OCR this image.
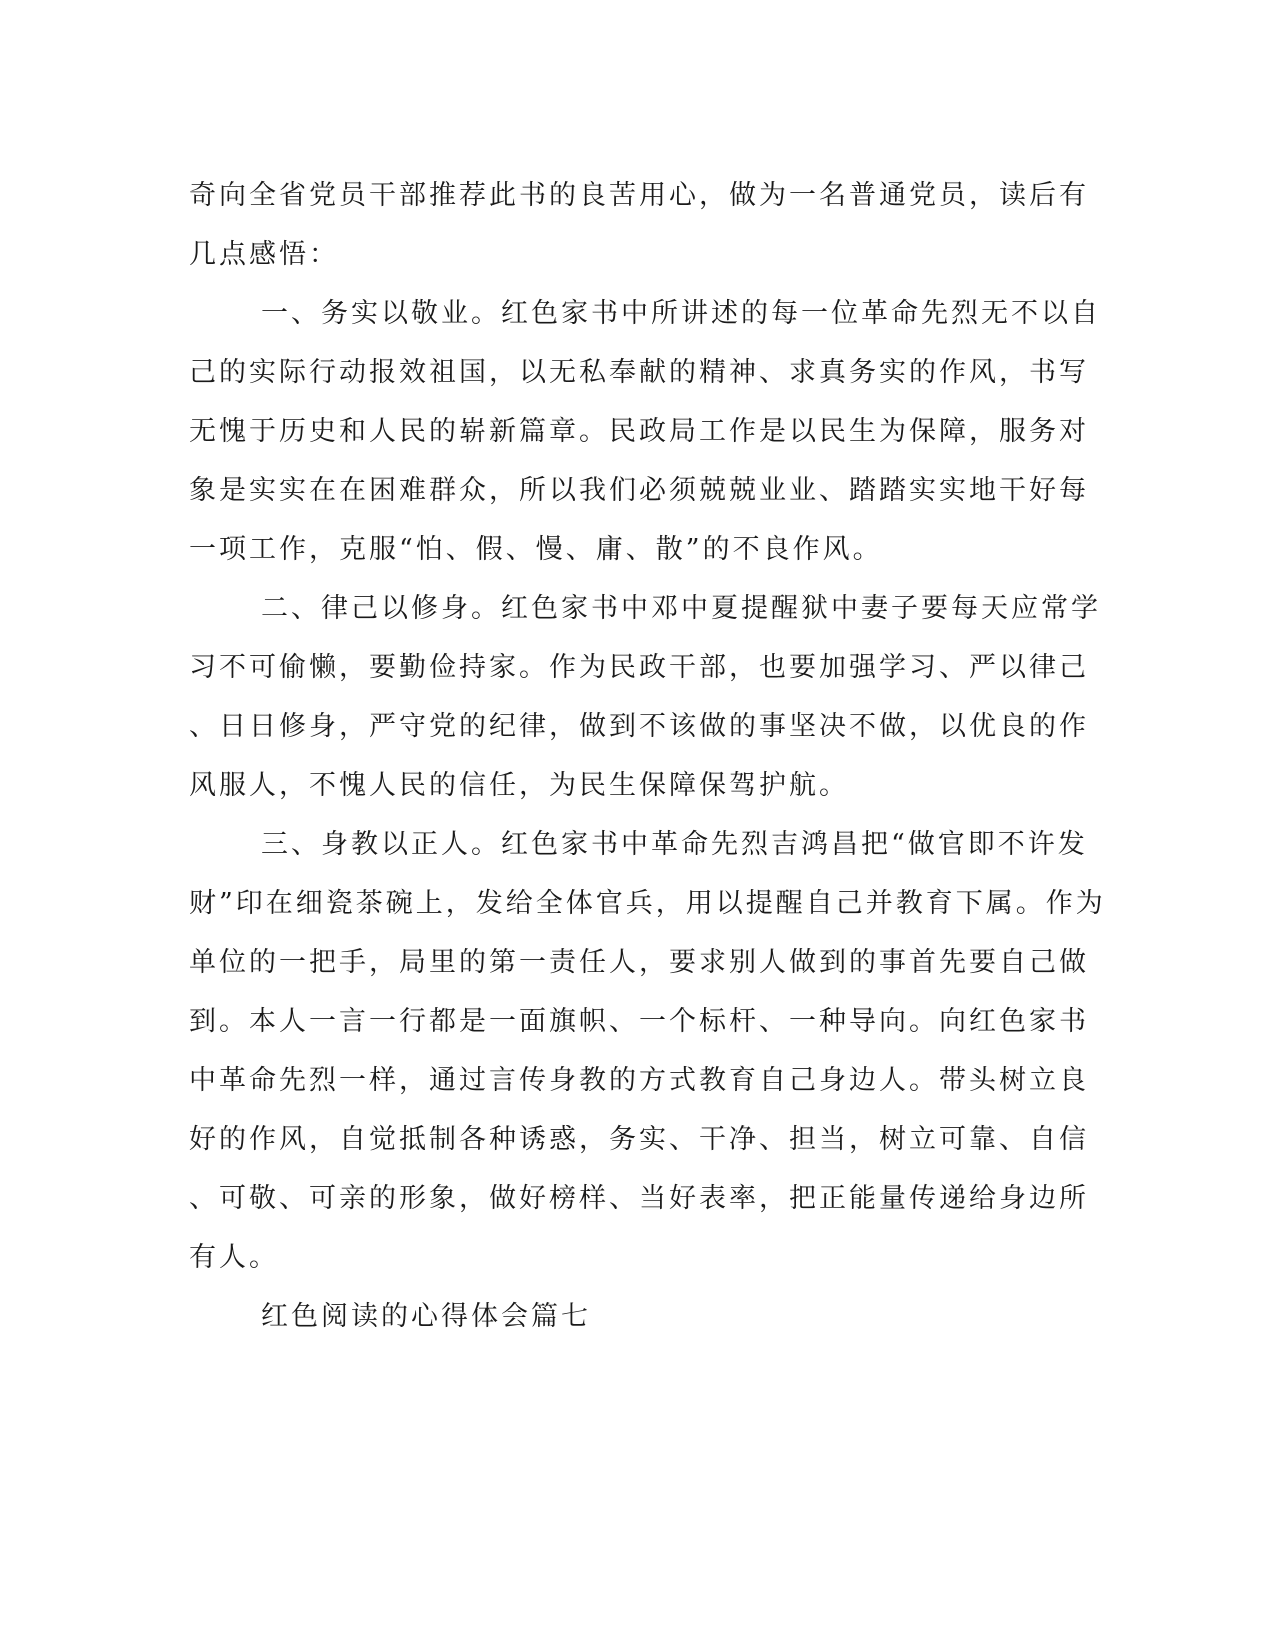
奇向全省党员干部推荐此书的良苦用心，做为一名普通党员，读后有
几点感悟：
一、务实以敬业。红色家书中所讲述的每一位革命先烈无不以自
己的实际行动报效祖国，以无私奉献的精神、求真务实的作风，书写
无愧于历史和人民的崭新篇章。民政局工作是以民生为保障，服务对
象是实实在在困难群众，所以我们必须兢兢业业、踏踏实实地干好每
一项工作，克服“怕、假、慢、庸、散”的不良作风。
二、律己以修身。红色家书中邓中夏提醒狱中妻子要每天应常学
习不可偷懒，要勤俭持家。作为民政干部，也要加强学习、严以律己
、日日修身，严守党的纪律，做到不该做的事坚决不做，以优良的作
风服人，不愧人民的信任，为民生保障保驾护航。
三、身教以正人。红色家书中革命先烈吉鸿昌把“做官即不许发
财”印在细瓷茶碗上，发给全体官兵，用以提醒自己并教育下属。作为
单位的一把手，局里的第一责任人，要求别人做到的事首先要自己做
到。本人一言一行都是一面旗帜、一个标杆、一种导向。向红色家书
中革命先烈一样，通过言传身教的方式教育自己身边人。带头树立良
好的作风，自觉抵制各种诱惑，务实、干净、担当，树立可靠、自信
、可敬、可亲的形象，做好榜样、当好表率，把正能量传递给身边所
有人。
红色阅读的心得体会篇七
